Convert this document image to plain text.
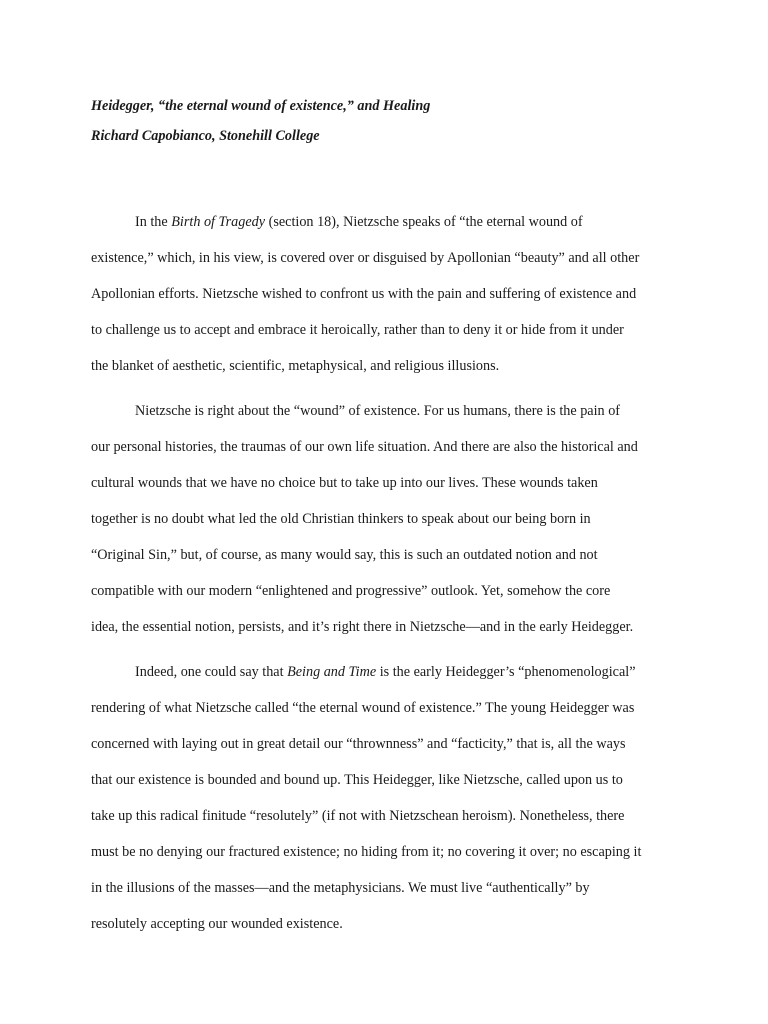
Heidegger, “the eternal wound of existence,” and Healing
Richard Capobianco, Stonehill College
In the Birth of Tragedy (section 18), Nietzsche speaks of “the eternal wound of
existence,” which, in his view, is covered over or disguised by Apollonian “beauty” and all other
Apollonian efforts. Nietzsche wished to confront us with the pain and suffering of existence and
to challenge us to accept and embrace it heroically, rather than to deny it or hide from it under
the blanket of aesthetic, scientific, metaphysical, and religious illusions.
Nietzsche is right about the “wound” of existence. For us humans, there is the pain of
our personal histories, the traumas of our own life situation. And there are also the historical and
cultural wounds that we have no choice but to take up into our lives. These wounds taken
together is no doubt what led the old Christian thinkers to speak about our being born in
“Original Sin,” but, of course, as many would say, this is such an outdated notion and not
compatible with our modern “enlightened and progressive” outlook. Yet, somehow the core
idea, the essential notion, persists, and it’s right there in Nietzsche—and in the early Heidegger.
Indeed, one could say that Being and Time is the early Heidegger’s “phenomenological”
rendering of what Nietzsche called “the eternal wound of existence.” The young Heidegger was
concerned with laying out in great detail our “thrownness” and “facticity,” that is, all the ways
that our existence is bounded and bound up. This Heidegger, like Nietzsche, called upon us to
take up this radical finitude “resolutely” (if not with Nietzschean heroism). Nonetheless, there
must be no denying our fractured existence; no hiding from it; no covering it over; no escaping it
in the illusions of the masses—and the metaphysicians. We must live “authentically” by
resolutely accepting our wounded existence.
